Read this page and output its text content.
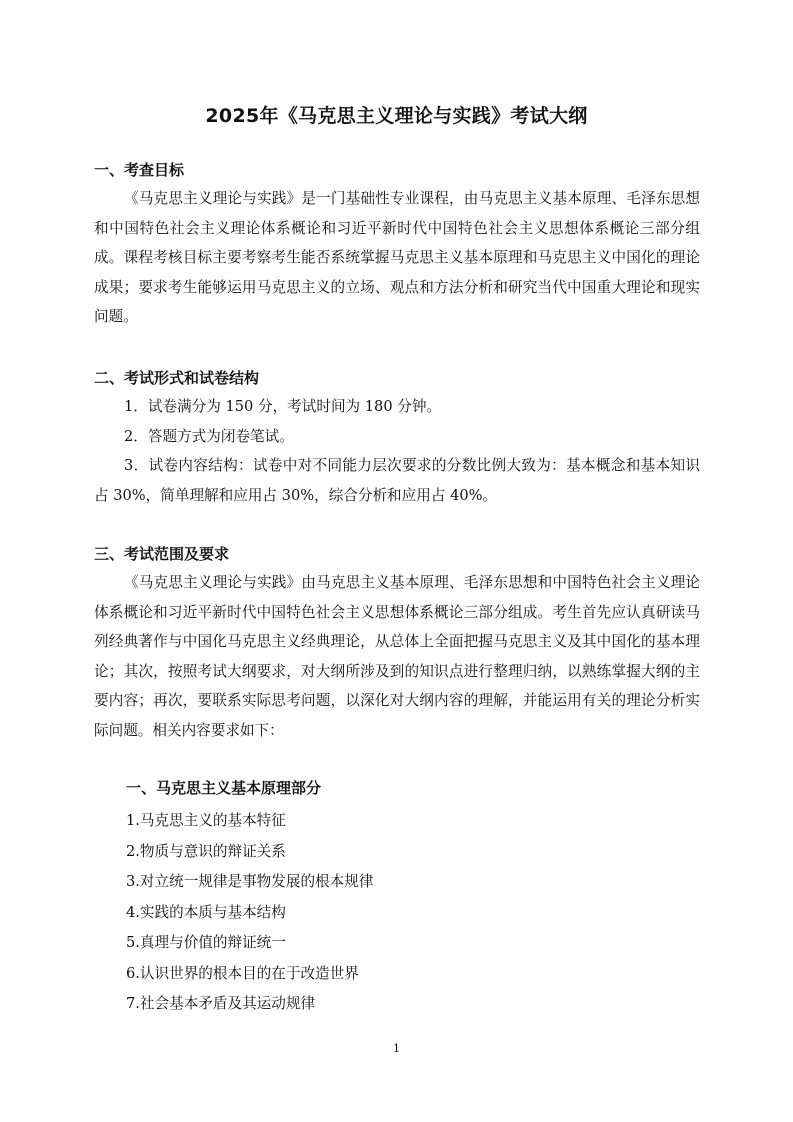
2025年《马克思主义理论与实践》考试大纲

一、考查目标

《马克思主义理论与实践》是一门基础性专业课程，由马克思主义基本原理、毛泽东思想和中国特色社会主义理论体系概论和习近平新时代中国特色社会主义思想体系概论三部分组成。课程考核目标主要考察考生能否系统掌握马克思主义基本原理和马克思主义中国化的理论成果；要求考生能够运用马克思主义的立场、观点和方法分析和研究当代中国重大理论和现实问题。

二、考试形式和试卷结构

1．试卷满分为 150 分，考试时间为 180 分钟。

2．答题方式为闭卷笔试。

3．试卷内容结构：试卷中对不同能力层次要求的分数比例大致为：基本概念和基本知识占 30%，简单理解和应用占 30%，综合分析和应用占 40%。

三、考试范围及要求

《马克思主义理论与实践》由马克思主义基本原理、毛泽东思想和中国特色社会主义理论体系概论和习近平新时代中国特色社会主义思想体系概论三部分组成。考生首先应认真研读马列经典著作与中国化马克思主义经典理论，从总体上全面把握马克思主义及其中国化的基本理论；其次，按照考试大纲要求，对大纲所涉及到的知识点进行整理归纳，以熟练掌握大纲的主要内容；再次，要联系实际思考问题，以深化对大纲内容的理解，并能运用有关的理论分析实际问题。相关内容要求如下：

一、马克思主义基本原理部分

1.马克思主义的基本特征

2.物质与意识的辩证关系

3.对立统一规律是事物发展的根本规律

4.实践的本质与基本结构

5.真理与价值的辩证统一

6.认识世界的根本目的在于改造世界

7.社会基本矛盾及其运动规律

1
